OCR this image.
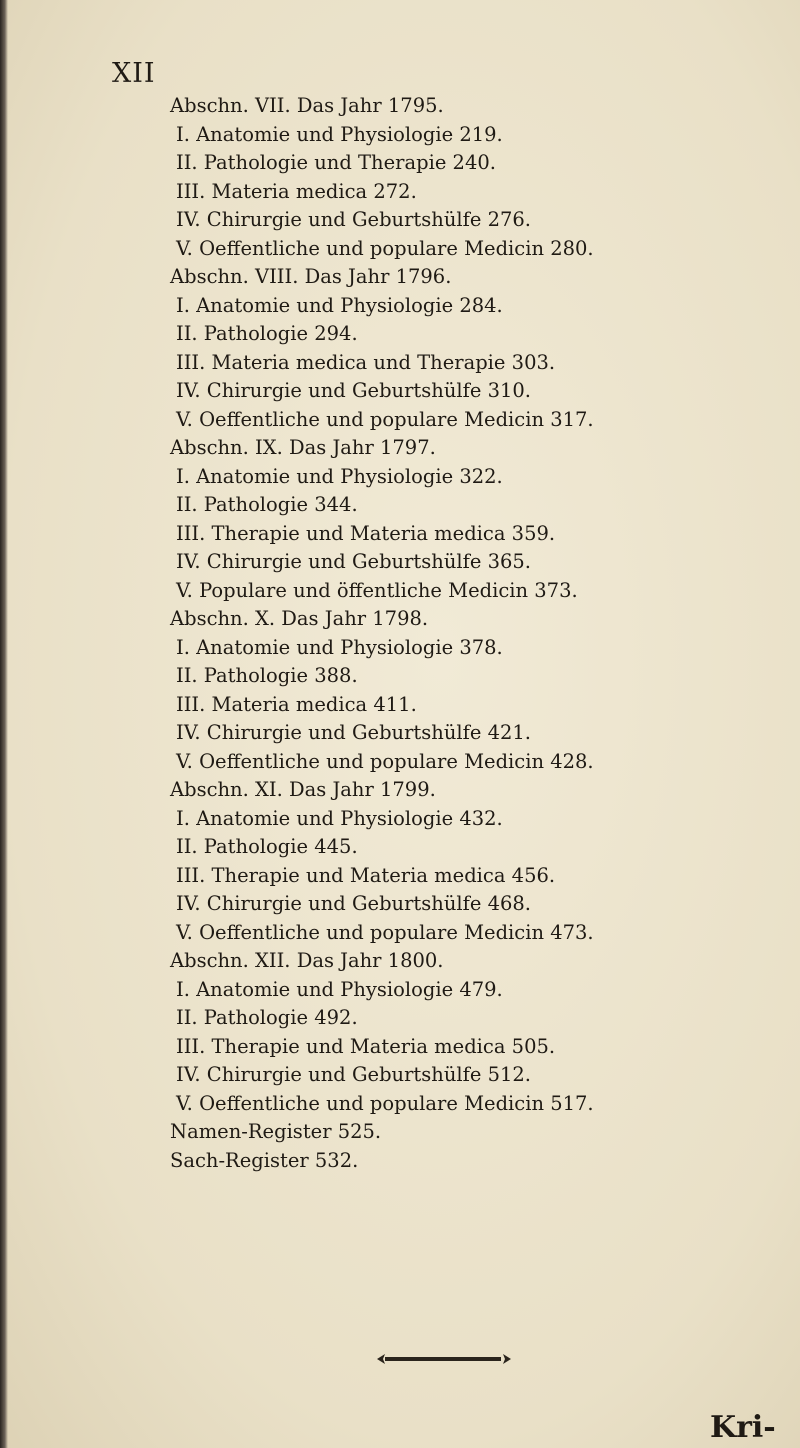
XII
Abschn. VII. Das Jahr 1795.
I. Anatomie und Physiologie 219.
II. Pathologie und Therapie 240.
III. Materia medica 272.
IV. Chirurgie und Geburtshülfe 276.
V. Oeffentliche und populare Medicin 280.
Abschn. VIII. Das Jahr 1796.
I. Anatomie und Physiologie 284.
II. Pathologie 294.
III. Materia medica und Therapie 303.
IV. Chirurgie und Geburtshülfe 310.
V. Oeffentliche und populare Medicin 317.
Abschn. IX. Das Jahr 1797.
I. Anatomie und Physiologie 322.
II. Pathologie 344.
III. Therapie und Materia medica 359.
IV. Chirurgie und Geburtshülfe 365.
V. Populare und öffentliche Medicin 373.
Abschn. X. Das Jahr 1798.
I. Anatomie und Physiologie 378.
II. Pathologie 388.
III. Materia medica 411.
IV. Chirurgie und Geburtshülfe 421.
V. Oeffentliche und populare Medicin 428.
Abschn. XI. Das Jahr 1799.
I. Anatomie und Physiologie 432.
II. Pathologie 445.
III. Therapie und Materia medica 456.
IV. Chirurgie und Geburtshülfe 468.
V. Oeffentliche und populare Medicin 473.
Abschn. XII. Das Jahr 1800.
I. Anatomie und Physiologie 479.
II. Pathologie 492.
III. Therapie und Materia medica 505.
IV. Chirurgie und Geburtshülfe 512.
V. Oeffentliche und populare Medicin 517.
Namen-Register 525.
Sach-Register 532.
Kri-
